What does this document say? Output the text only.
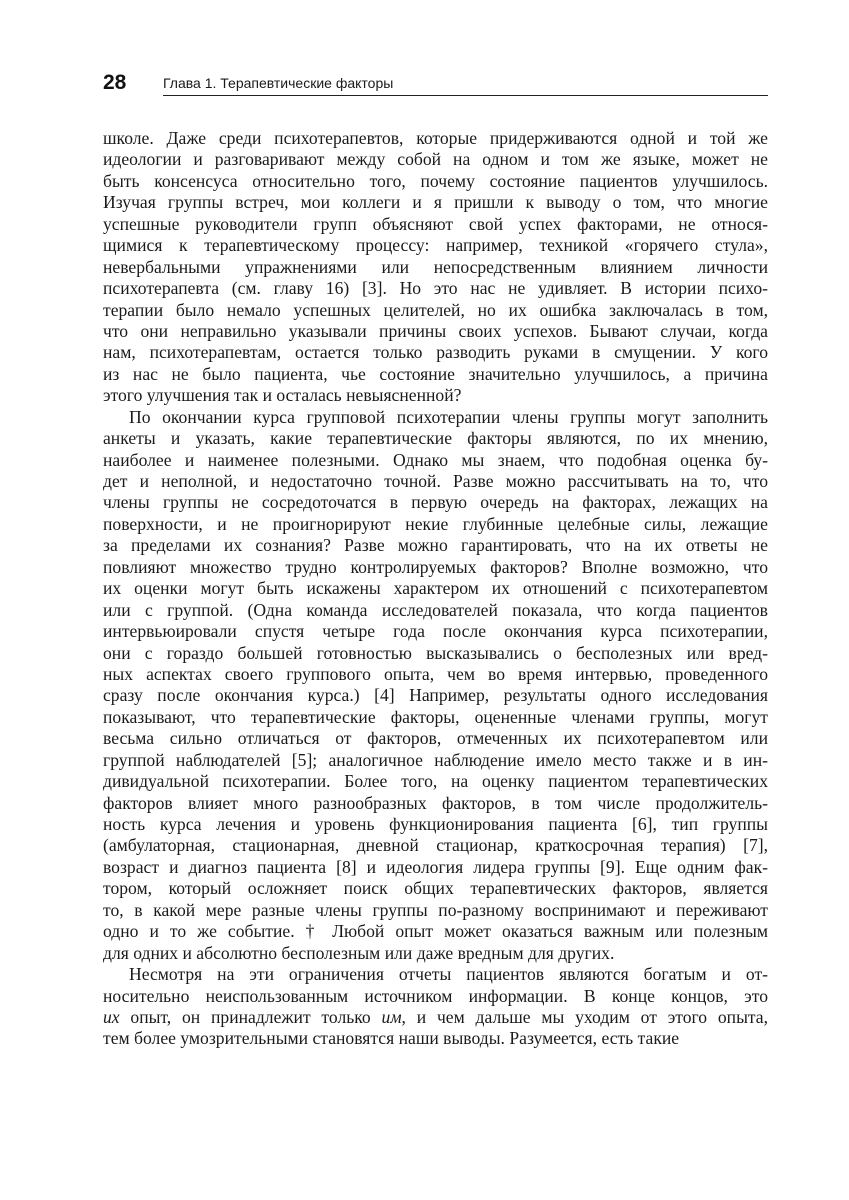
28	Глава 1. Терапевтические факторы
школе. Даже среди психотерапевтов, которые придерживаются одной и той же
идеологии и разговаривают между собой на одном и том же языке, может не
быть консенсуса относительно того, почему состояние пациентов улучшилось.
Изучая группы встреч, мои коллеги и я пришли к выводу о том, что многие
успешные руководители групп объясняют свой успех факторами, не относя-
щимися к терапевтическому процессу: например, техникой «горячего стула»,
невербальными упражнениями или непосредственным влиянием личности
психотерапевта (см. главу 16) [3]. Но это нас не удивляет. В истории психо-
терапии было немало успешных целителей, но их ошибка заключалась в том,
что они неправильно указывали причины своих успехов. Бывают случаи, когда
нам, психотерапевтам, остается только разводить руками в смущении. У кого
из нас не было пациента, чье состояние значительно улучшилось, а причина
этого улучшения так и осталась невыясненной?
По окончании курса групповой психотерапии члены группы могут заполнить
анкеты и указать, какие терапевтические факторы являются, по их мнению,
наиболее и наименее полезными. Однако мы знаем, что подобная оценка бу-
дет и неполной, и недостаточно точной. Разве можно рассчитывать на то, что
члены группы не сосредоточатся в первую очередь на факторах, лежащих на
поверхности, и не проигнорируют некие глубинные целебные силы, лежащие
за пределами их сознания? Разве можно гарантировать, что на их ответы не
повлияют множество трудно контролируемых факторов? Вполне возможно, что
их оценки могут быть искажены характером их отношений с психотерапевтом
или с группой. (Одна команда исследователей показала, что когда пациентов
интервьюировали спустя четыре года после окончания курса психотерапии,
они с гораздо большей готовностью высказывались о бесполезных или вред-
ных аспектах своего группового опыта, чем во время интервью, проведенного
сразу после окончания курса.) [4] Например, результаты одного исследования
показывают, что терапевтические факторы, оцененные членами группы, могут
весьма сильно отличаться от факторов, отмеченных их психотерапевтом или
группой наблюдателей [5]; аналогичное наблюдение имело место также и в ин-
дивидуальной психотерапии. Более того, на оценку пациентом терапевтических
факторов влияет много разнообразных факторов, в том числе продолжитель-
ность курса лечения и уровень функционирования пациента [6], тип группы
(амбулаторная, стационарная, дневной стационар, краткосрочная терапия) [7],
возраст и диагноз пациента [8] и идеология лидера группы [9]. Еще одним фак-
тором, который осложняет поиск общих терапевтических факторов, является
то, в какой мере разные члены группы по-разному воспринимают и переживают
одно и то же событие. † Любой опыт может оказаться важным или полезным
для одних и абсолютно бесполезным или даже вредным для других.
Несмотря на эти ограничения отчеты пациентов являются богатым и от-
носительно неиспользованным источником информации. В конце концов, это
их опыт, он принадлежит только им, и чем дальше мы уходим от этого опыта,
тем более умозрительными становятся наши выводы. Разумеется, есть такие
